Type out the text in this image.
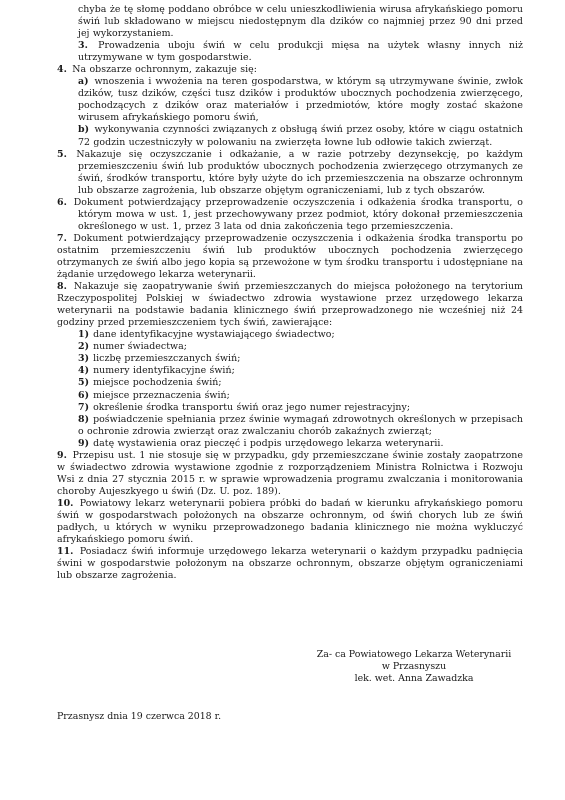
chyba że tę słomę poddano obróbce w celu unieszkodliwienia wirusa afrykańskiego pomoru świń lub składowano w miejscu niedostępnym dla dzików co najmniej przez 90 dni przed jej wykorzystaniem.

3. Prowadzenia uboju świń w celu produkcji mięsa na użytek własny innych niż utrzymywane w tym gospodarstwie.

4. Na obszarze ochronnym, zakazuje się:

a) wnoszenia i wwożenia na teren gospodarstwa, w którym są utrzymywane świnie, zwłok dzików, tusz dzików, części tusz dzików i produktów ubocznych pochodzenia zwierzęcego, pochodzących z dzików oraz materiałów i przedmiotów, które mogły zostać skażone wirusem afrykańskiego pomoru świń,

b) wykonywania czynności związanych z obsługą świń przez osoby, które w ciągu ostatnich 72 godzin uczestniczyły w polowaniu na zwierzęta łowne lub odłowie takich zwierząt.

5. Nakazuje się oczyszczanie i odkażanie, a w razie potrzeby dezynsekcję, po każdym przemieszczeniu świń lub produktów ubocznych pochodzenia zwierzęcego otrzymanych ze świń, środków transportu, które były użyte do ich przemieszczenia na obszarze ochronnym lub obszarze zagrożenia, lub obszarze objętym ograniczeniami, lub z tych obszarów.

6. Dokument potwierdzający przeprowadzenie oczyszczenia i odkażenia środka transportu, o którym mowa w ust. 1, jest przechowywany przez podmiot, który dokonał przemieszczenia określonego w ust. 1, przez 3 lata od dnia zakończenia tego przemieszczenia.

7. Dokument potwierdzający przeprowadzenie oczyszczenia i odkażenia środka transportu po ostatnim przemieszczeniu świń lub produktów ubocznych pochodzenia zwierzęcego otrzymanych ze świń albo jego kopia są przewożone w tym środku transportu i udostępniane na żądanie urzędowego lekarza weterynarii.

8. Nakazuje się zaopatrywanie świń przemieszczanych do miejsca położonego na terytorium Rzeczypospolitej Polskiej w świadectwo zdrowia wystawione przez urzędowego lekarza weterynarii na podstawie badania klinicznego świń przeprowadzonego nie wcześniej niż 24 godziny przed przemieszczeniem tych świń, zawierające:

1) dane identyfikacyjne wystawiającego świadectwo;

2) numer świadectwa;

3) liczbę przemieszczanych świń;

4) numery identyfikacyjne świń;

5) miejsce pochodzenia świń;

6) miejsce przeznaczenia świń;

7) określenie środka transportu świń oraz jego numer rejestracyjny;

8) poświadczenie spełniania przez świnie wymagań zdrowotnych określonych w przepisach o ochronie zdrowia zwierząt oraz zwalczaniu chorób zakaźnych zwierząt;

9) datę wystawienia oraz pieczęć i podpis urzędowego lekarza weterynarii.

9. Przepisu ust. 1 nie stosuje się w przypadku, gdy przemieszczane świnie zostały zaopatrzone w świadectwo zdrowia wystawione zgodnie z rozporządzeniem Ministra Rolnictwa i Rozwoju Wsi z dnia 27 stycznia 2015 r. w sprawie wprowadzenia programu zwalczania i monitorowania choroby Aujeszkyego u świń (Dz. U. poz. 189).

10. Powiatowy lekarz weterynarii pobiera próbki do badań w kierunku afrykańskiego pomoru świń w gospodarstwach położonych na obszarze ochronnym, od świń chorych lub ze świń padłych, u których w wyniku przeprowadzonego badania klinicznego nie można wykluczyć afrykańskiego pomoru świń.

11. Posiadacz świń informuje urzędowego lekarza weterynarii o każdym przypadku padnięcia świni w gospodarstwie położonym na obszarze ochronnym, obszarze objętym ograniczeniami lub obszarze zagrożenia.

Za- ca Powiatowego Lekarza Weterynarii
w Przasnyszu
lek. wet. Anna Zawadzka
Przasnysz dnia 19 czerwca 2018 r.
